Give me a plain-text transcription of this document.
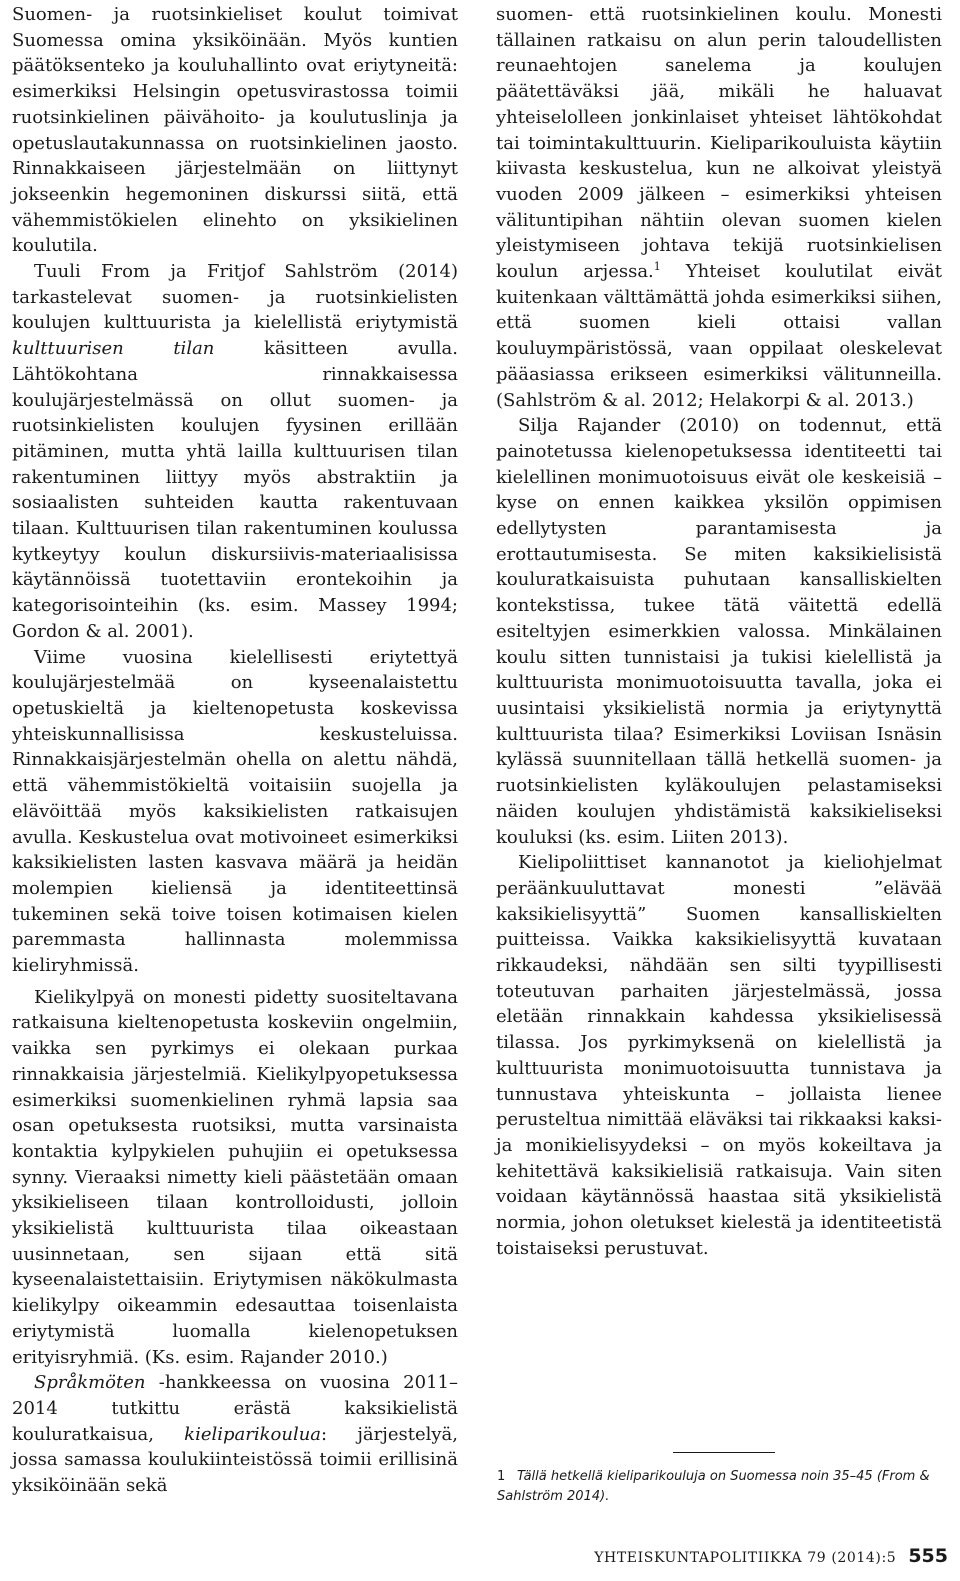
Suomen- ja ruotsinkieliset koulut toimivat Suomessa omina yksiköinään. Myös kuntien päätöksenteko ja kouluhallinto ovat eriytyneitä: esimerkiksi Helsingin opetusvirastossa toimii ruotsinkielinen päivähoito- ja koulutuslinja ja opetuslautakunnassa on ruotsinkielinen jaosto. Rinnakkaiseen järjestelmään on liittynyt jokseenkin hegemoninen diskurssi siitä, että vähemmistökielen elinehto on yksikielinen koulutila.

Tuuli From ja Fritjof Sahlström (2014) tarkastelevat suomen- ja ruotsinkielisten koulujen kulttuurista ja kielellistä eriytymistä kulttuurisen tilan käsitteen avulla. Lähtökohtana rinnakkaisessa koulujärjestelmässä on ollut suomen- ja ruotsinkielisten koulujen fyysinen erillään pitäminen, mutta yhtä lailla kulttuurisen tilan rakentuminen liittyy myös abstraktiin ja sosiaalisten suhteiden kautta rakentuvaan tilaan. Kulttuurisen tilan rakentuminen koulussa kytkeytyy koulun diskursiivis-materiaalisissa käytännöissä tuotettaviin erontekoihin ja kategorisointeihin (ks. esim. Massey 1994; Gordon & al. 2001).

Viime vuosina kielellisesti eriytettyä koulujärjestelmää on kyseenalaistettu opetuskieltä ja kieltenopetusta koskevissa yhteiskunnallisissa keskusteluissa. Rinnakkaisjärjestelmän ohella on alettu nähdä, että vähemmistökieltä voitaisiin suojella ja elävöittää myös kaksikielisten ratkaisujen avulla. Keskustelua ovat motivoineet esimerkiksi kaksikielisten lasten kasvava määrä ja heidän molempien kieliensä ja identiteettinsä tukeminen sekä toive toisen kotimaisen kielen paremmasta hallinnasta molemmissa kieliryhmissä.

Kielikylpyä on monesti pidetty suositeltavana ratkaisuna kieltenopetusta koskeviin ongelmiin, vaikka sen pyrkimys ei olekaan purkaa rinnakkaisia järjestelmiä. Kielikylpyopetuksessa esimerkiksi suomenkielinen ryhmä lapsia saa osan opetuksesta ruotsiksi, mutta varsinaista kontaktia kylpykielen puhujiin ei opetuksessa synny. Vieraaksi nimetty kieli päästetään omaan yksikieliseen tilaan kontrolloidusti, jolloin yksikielistä kulttuurista tilaa oikeastaan uusinnetaan, sen sijaan että sitä kyseenalaistettaisiin. Eriytymisen näkökulmasta kielikylpy oikeammin edesauttaa toisenlaista eriytymistä luomalla kielenopetuksen erityisryhmiä. (Ks. esim. Rajander 2010.)

Språkmöten -hankkeessa on vuosina 2011–2014 tutkittu erästä kaksikielistä kouluratkaisua, kieliparikoulua: järjestelyä, jossa samassa koulukiinteistössä toimii erillisinä yksiköinään sekä

suomen- että ruotsinkielinen koulu. Monesti tällainen ratkaisu on alun perin taloudellisten reunaehtojen sanelema ja koulujen päätettäväksi jää, mikäli he haluavat yhteiselolleen jonkinlaiset yhteiset lähtökohdat tai toimintakulttuurin. Kieliparikouluista käytiin kiivasta keskustelua, kun ne alkoivat yleistyä vuoden 2009 jälkeen – esimerkiksi yhteisen välituntipihan nähtiin olevan suomen kielen yleistymiseen johtava tekijä ruotsinkielisen koulun arjessa.$^1$ Yhteiset koulutilat eivät kuitenkaan välttämättä johda esimerkiksi siihen, että suomen kieli ottaisi vallan kouluympäristössä, vaan oppilaat oleskelevat pääasiassa erikseen esimerkiksi välitunneilla. (Sahlström & al. 2012; Helakorpi & al. 2013.)

Silja Rajander (2010) on todennut, että painotetussa kielenopetuksessa identiteetti tai kielellinen monimuotoisuus eivät ole keskeisiä – kyse on ennen kaikkea yksilön oppimisen edellytysten parantamisesta ja erottautumisesta. Se miten kaksikielisistä kouluratkaisuista puhutaan kansalliskielten kontekstissa, tukee tätä väitettä edellä esiteltyjen esimerkkien valossa. Minkälainen koulu sitten tunnistaisi ja tukisi kielellistä ja kulttuurista monimuotoisuutta tavalla, joka ei uusintaisi yksikielistä normia ja eriytynyttä kulttuurista tilaa? Esimerkiksi Loviisan Isnäsin kylässä suunnitellaan tällä hetkellä suomen- ja ruotsinkielisten kyläkoulujen pelastamiseksi näiden koulujen yhdistämistä kaksikieliseksi kouluksi (ks. esim. Liiten 2013).

Kielipoliittiset kannanotot ja kieliohjelmat peräänkuuluttavat monesti ”elävää kaksikielisyyttä” Suomen kansalliskielten puitteissa. Vaikka kaksikielisyyttä kuvataan rikkaudeksi, nähdään sen silti tyypillisesti toteutuvan parhaiten järjestelmässä, jossa eletään rinnakkain kahdessa yksikielisessä tilassa. Jos pyrkimyksenä on kielellistä ja kulttuurista monimuotoisuutta tunnistava ja tunnustava yhteiskunta – jollaista lienee perusteltua nimittää eläväksi tai rikkaaksi kaksi- ja monikielisyydeksi – on myös kokeiltava ja kehitettävä kaksikielisiä ratkaisuja. Vain siten voidaan käytännössä haastaa sitä yksikielistä normia, johon oletukset kielestä ja identiteetistä toistaiseksi perustuvat.

1 Tällä hetkellä kieliparikouluja on Suomessa noin 35–45 (From & Sahlström 2014).
YHTEISKUNTAPOLITIIKKA 79 (2014):5 555
